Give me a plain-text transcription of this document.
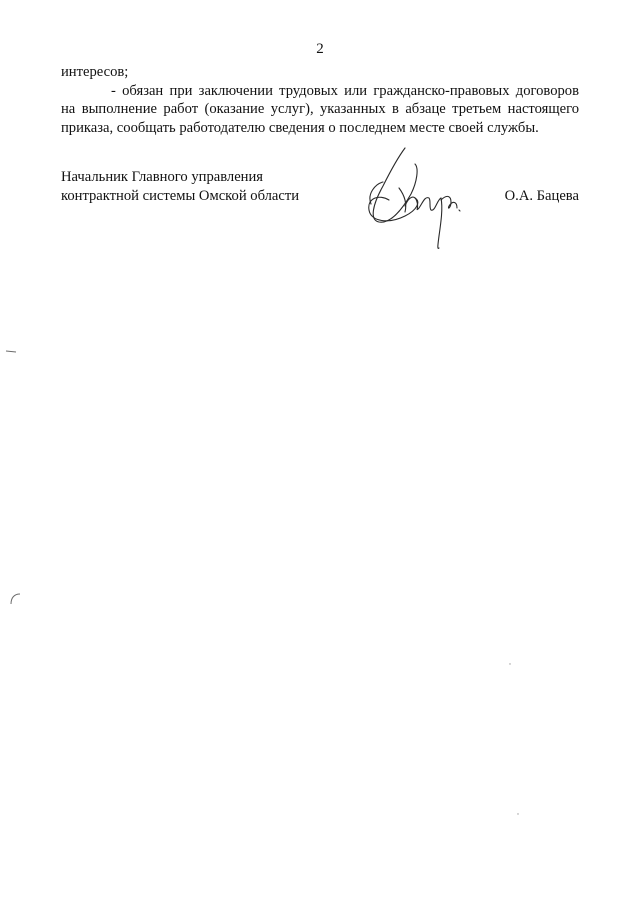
2

интересов;

- обязан при заключении трудовых или гражданско-правовых договоров

на выполнение работ (оказание услуг), указанных в абзаце третьем настоящего

приказа, сообщать работодателю сведения о последнем месте своей службы.

Начальник Главного управления
контрактной системы Омской области	О.А. Бацева
